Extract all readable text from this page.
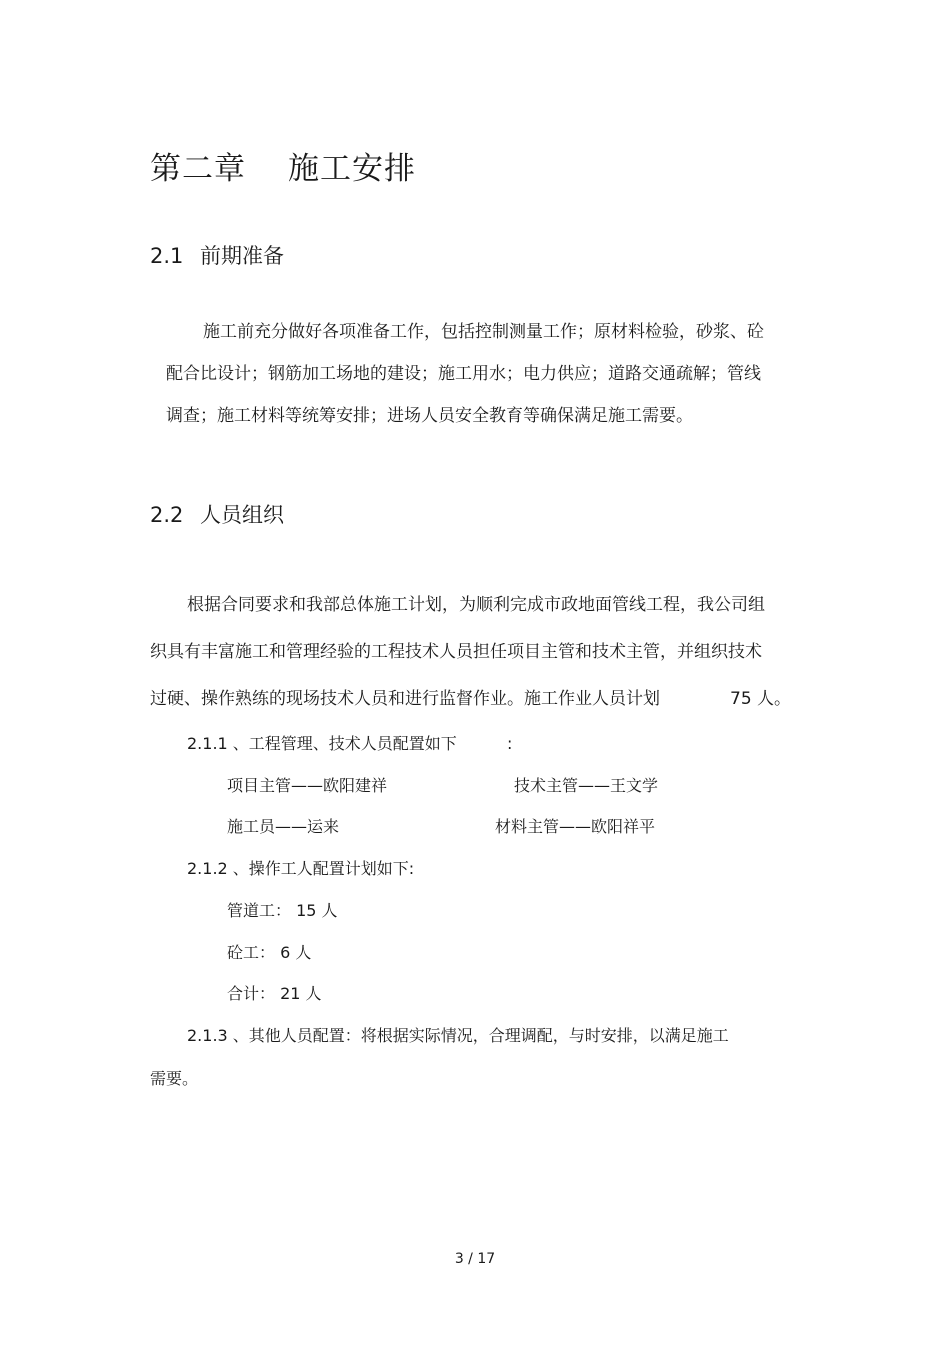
第二章 施工安排
2.1 前期准备

施工前充分做好各项准备工作，包括控制测量工作；原材料检验，砂浆、砼

配合比设计；钢筋加工场地的建设；施工用水；电力供应；道路交通疏解；管线

调查；施工材料等统筹安排；进场人员安全教育等确保满足施工需要。

2.2 人员组织

根据合同要求和我部总体施工计划，为顺利完成市政地面管线工程，我公司组

织具有丰富施工和管理经验的工程技术人员担任项目主管和技术主管，并组织技术

过硬、操作熟练的现场技术人员和进行监督作业。施工作业人员计划	75 人。

2.1.1 、工程管理、技术人员配置如下	:

项目主管——欧阳建祥	技术主管——王文学

施工员——运来	材料主管——欧阳祥平

2.1.2 、操作工人配置计划如下:

管道工： 15 人

砼工： 6 人

合计： 21 人

2.1.3 、其他人员配置：将根据实际情况，合理调配，与时安排，以满足施工

需要。

3 / 17
